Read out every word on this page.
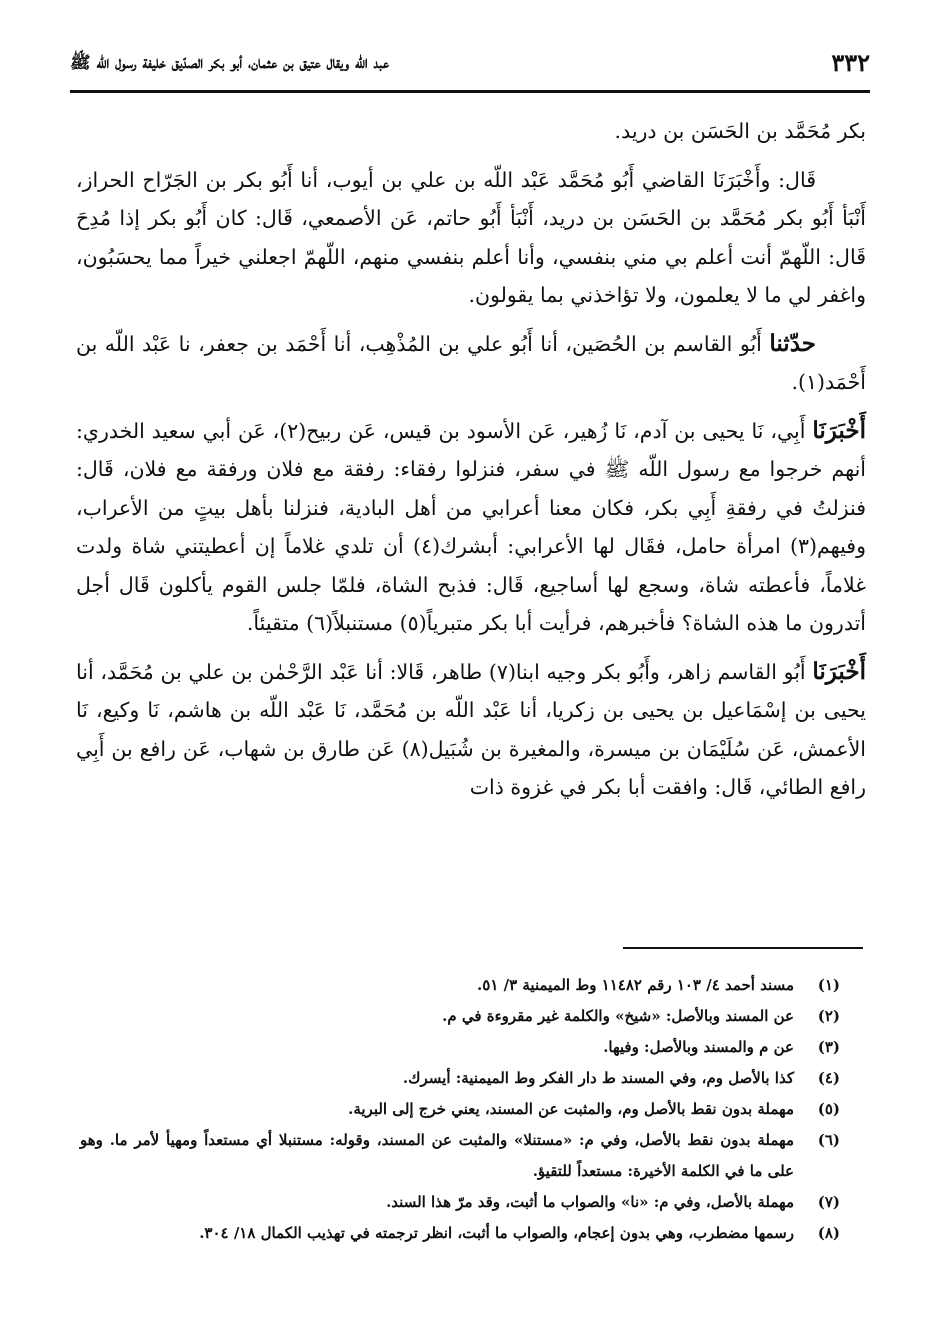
٣٣٢
عبد اللّه ويقال عتيق بن عثمان، أبو بكر الصدّيق خليفة رسول اللّه ﷺ

بكر مُحَمَّد بن الحَسَن بن دريد.

قَال: وأَخْبَرَنَا القاضي أَبُو مُحَمَّد عَبْد اللّه بن علي بن أيوب، أنا أَبُو بكر بن الجَرّاح الحراز، أَنْبَأ أَبُو بكر مُحَمَّد بن الحَسَن بن دريد، أَنْبَأ أَبُو حاتم، عَن الأصمعي، قَال: كان أَبُو بكر إذا مُدِحَ قَال: اللّهمّ أنت أعلم بي مني بنفسي، وأنا أعلم بنفسي منهم، اللّهمّ اجعلني خيراً مما يحسَبُون، واغفر لي ما لا يعلمون، ولا تؤاخذني بما يقولون.

حدّثنا أَبُو القاسم بن الحُصَين، أنا أَبُو علي بن المُذْهِب، أنا أَحْمَد بن جعفر، نا عَبْد اللّه بن أَحْمَد(١).

أَخْبَرَنَا أَبِي، نَا يحيى بن آدم، نَا زُهير، عَن الأسود بن قيس، عَن ربيح(٢)، عَن أبي سعيد الخدري: أنهم خرجوا مع رسول اللّه ﷺ في سفر، فنزلوا رفقاء: رفقة مع فلان ورفقة مع فلان، قَال: فنزلتُ في رفقةِ أَبِي بكر، فكان معنا أعرابي من أهل البادية، فنزلنا بأهل بيتٍ من الأعراب، وفيهم(٣) امرأة حامل، فقَال لها الأعرابي: أبشرك(٤) أن تلدي غلاماً إن أعطيتني شاة ولدت غلاماً، فأعطته شاة، وسجع لها أساجيع، قَال: فذبح الشاة، فلمّا جلس القوم يأكلون قَال أجل أتدرون ما هذه الشاة؟ فأخبرهم، فرأيت أبا بكر متبرياً(٥) مستنبلاً(٦) متقيئاً.

أَخْبَرَنَا أَبُو القاسم زاهر، وأَبُو بكر وجيه ابنا(٧) طاهر، قَالا: أنا عَبْد الرَّحْمٰن بن علي بن مُحَمَّد، أنا يحيى بن إسْمَاعيل بن يحيى بن زكريا، أنا عَبْد اللّه بن مُحَمَّد، نَا عَبْد اللّه بن هاشم، نَا وكيع، نَا الأعمش، عَن سُلَيْمَان بن ميسرة، والمغيرة بن شُبَيل(٨) عَن طارق بن شهاب، عَن رافع بن أَبِي رافع الطائي، قَال: وافقت أبا بكر في غزوة ذات

(١)
مسند أحمد ٤/ ١٠٣ رقم ١١٤٨٢ وط الميمنية ٣/ ٥١.
(٢)
عن المسند وبالأصل: «شيخ» والكلمة غير مقروءة في م.
(٣)
عن م والمسند وبالأصل: وفيها.
(٤)
كذا بالأصل وم، وفي المسند ط دار الفكر وط الميمنية: أيسرك.
(٥)
مهملة بدون نقط بالأصل وم، والمثبت عن المسند، يعني خرج إلى البرية.
(٦)
مهملة بدون نقط بالأصل، وفي م: «مستنلا» والمثبت عن المسند، وقوله: مستنبلا أي مستعداً ومهيأ لأمر ما. وهو على ما في الكلمة الأخيرة: مستعداً للتقيؤ.
(٧)
مهملة بالأصل، وفي م: «نا» والصواب ما أثبت، وقد مرّ هذا السند.
(٨)
رسمها مضطرب، وهي بدون إعجام، والصواب ما أثبت، انظر ترجمته في تهذيب الكمال ١٨/ ٣٠٤.
